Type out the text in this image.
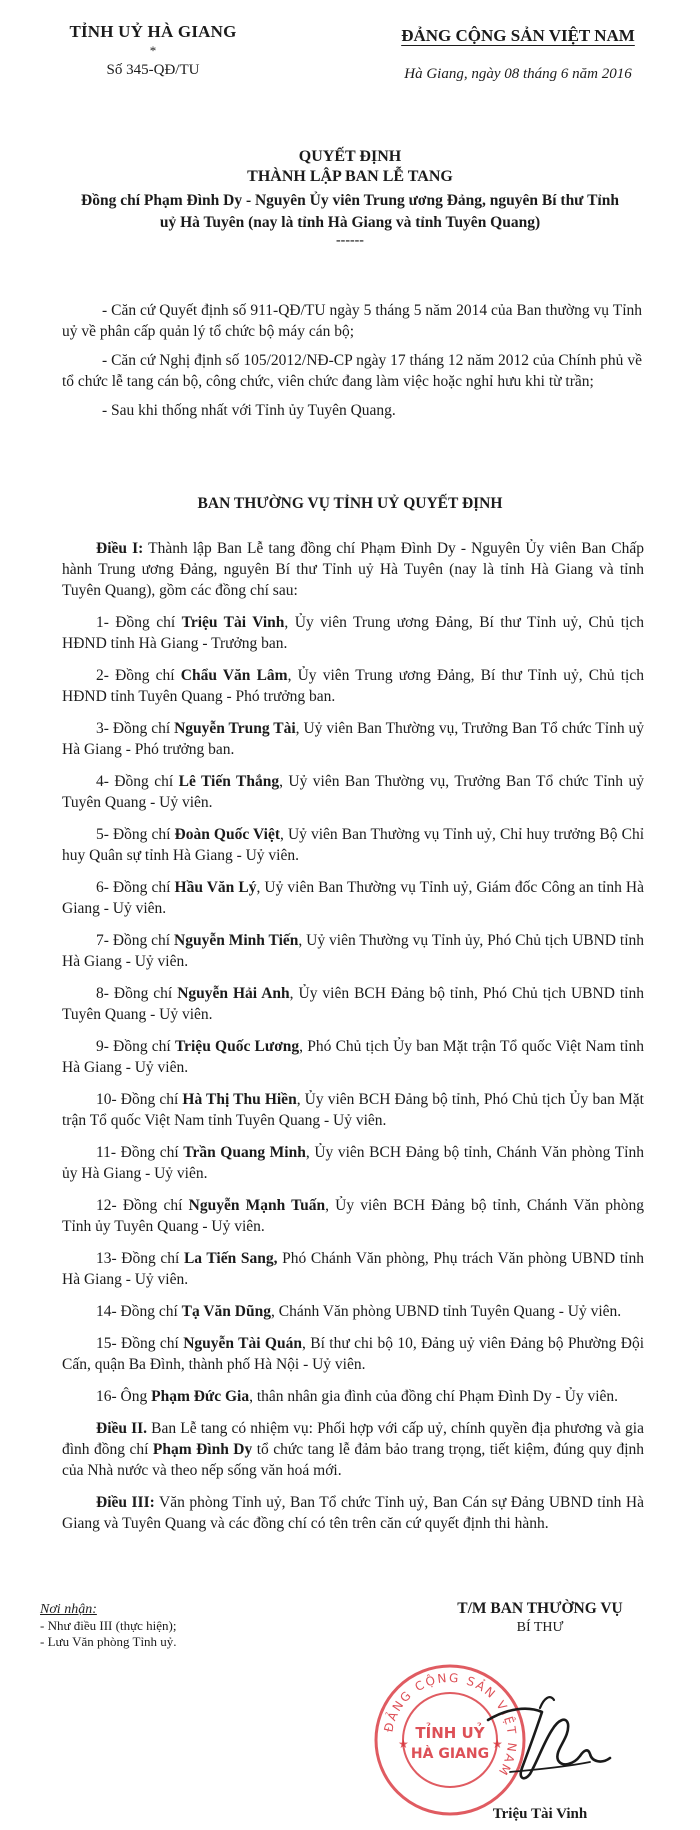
TỈNH UỶ HÀ GIANG
*
Số 345-QĐ/TU
ĐẢNG CỘNG SẢN VIỆT NAM
Hà Giang, ngày 08 tháng 6 năm 2016
QUYẾT ĐỊNH
THÀNH LẬP BAN LỄ TANG
Đồng chí Phạm Đình Dy - Nguyên Ủy viên Trung ương Đảng, nguyên Bí thư Tỉnh uỷ Hà Tuyên (nay là tỉnh Hà Giang và tỉnh Tuyên Quang)
------

- Căn cứ Quyết định số 911-QĐ/TU ngày 5 tháng 5 năm 2014 của Ban thường vụ Tỉnh uỷ về phân cấp quản lý tổ chức bộ máy cán bộ;

- Căn cứ Nghị định số 105/2012/NĐ-CP ngày 17 tháng 12 năm 2012 của Chính phủ về tổ chức lễ tang cán bộ, công chức, viên chức đang làm việc hoặc nghỉ hưu khi từ trần;

- Sau khi thống nhất với Tỉnh ủy Tuyên Quang.

BAN THƯỜNG VỤ TỈNH UỶ QUYẾT ĐỊNH

Điều I: Thành lập Ban Lễ tang đồng chí Phạm Đình Dy - Nguyên Ủy viên Ban Chấp hành Trung ương Đảng, nguyên Bí thư Tỉnh uỷ Hà Tuyên (nay là tỉnh Hà Giang và tỉnh Tuyên Quang), gồm các đồng chí sau:

1- Đồng chí Triệu Tài Vinh, Ủy viên Trung ương Đảng, Bí thư Tỉnh uỷ, Chủ tịch HĐND tỉnh Hà Giang - Trưởng ban.

2- Đồng chí Chẩu Văn Lâm, Ủy viên Trung ương Đảng, Bí thư Tỉnh uỷ, Chủ tịch HĐND tỉnh Tuyên Quang - Phó trưởng ban.

3- Đồng chí Nguyễn Trung Tài, Uỷ viên Ban Thường vụ, Trưởng Ban Tổ chức Tỉnh uỷ Hà Giang - Phó trưởng ban.

4- Đồng chí Lê Tiến Thắng, Uỷ viên Ban Thường vụ, Trưởng Ban Tổ chức Tỉnh uỷ Tuyên Quang - Uỷ viên.

5- Đồng chí Đoàn Quốc Việt, Uỷ viên Ban Thường vụ Tỉnh uỷ, Chỉ huy trưởng Bộ Chỉ huy Quân sự tỉnh Hà Giang - Uỷ viên.

6- Đồng chí Hầu Văn Lý, Uỷ viên Ban Thường vụ Tỉnh uỷ, Giám đốc Công an tỉnh Hà Giang - Uỷ viên.

7- Đồng chí Nguyễn Minh Tiến, Uỷ viên Thường vụ Tỉnh ủy, Phó Chủ tịch UBND tỉnh Hà Giang - Uỷ viên.

8- Đồng chí Nguyễn Hải Anh, Ủy viên BCH Đảng bộ tỉnh, Phó Chủ tịch UBND tỉnh Tuyên Quang - Uỷ viên.

9- Đồng chí Triệu Quốc Lương, Phó Chủ tịch Ủy ban Mặt trận Tổ quốc Việt Nam tỉnh Hà Giang - Uỷ viên.

10- Đồng chí Hà Thị Thu Hiền, Ủy viên BCH Đảng bộ tỉnh, Phó Chủ tịch Ủy ban Mặt trận Tổ quốc Việt Nam tỉnh Tuyên Quang - Uỷ viên.

11- Đồng chí Trần Quang Minh, Ủy viên BCH Đảng bộ tỉnh, Chánh Văn phòng Tỉnh ủy Hà Giang - Uỷ viên.

12- Đồng chí Nguyễn Mạnh Tuấn, Ủy viên BCH Đảng bộ tỉnh, Chánh Văn phòng Tỉnh ủy Tuyên Quang - Uỷ viên.

13- Đồng chí La Tiến Sang, Phó Chánh Văn phòng, Phụ trách Văn phòng UBND tỉnh Hà Giang - Uỷ viên.

14- Đồng chí Tạ Văn Dũng, Chánh Văn phòng UBND tỉnh Tuyên Quang - Uỷ viên.

15- Đồng chí Nguyễn Tài Quán, Bí thư chi bộ 10, Đảng uỷ viên Đảng bộ Phường Đội Cấn, quận Ba Đình, thành phố Hà Nội - Uỷ viên.

16- Ông Phạm Đức Gia, thân nhân gia đình của đồng chí Phạm Đình Dy - Ủy viên.

Điều II. Ban Lễ tang có nhiệm vụ: Phối hợp với cấp uỷ, chính quyền địa phương và gia đình đồng chí Phạm Đình Dy tổ chức tang lễ đảm bảo trang trọng, tiết kiệm, đúng quy định của Nhà nước và theo nếp sống văn hoá mới.

Điều III: Văn phòng Tỉnh uỷ, Ban Tổ chức Tỉnh uỷ, Ban Cán sự Đảng UBND tỉnh Hà Giang và Tuyên Quang và các đồng chí có tên trên căn cứ quyết định thi hành.

Nơi nhận:
- Như điều III (thực hiện);
- Lưu Văn phòng Tỉnh uỷ.
ĐẢNG CỘNG SẢN VIỆT NAM
TỈNH UỶ
HÀ GIANG
★	★
T/M BAN THƯỜNG VỤ
BÍ THƯ
Triệu Tài Vinh
